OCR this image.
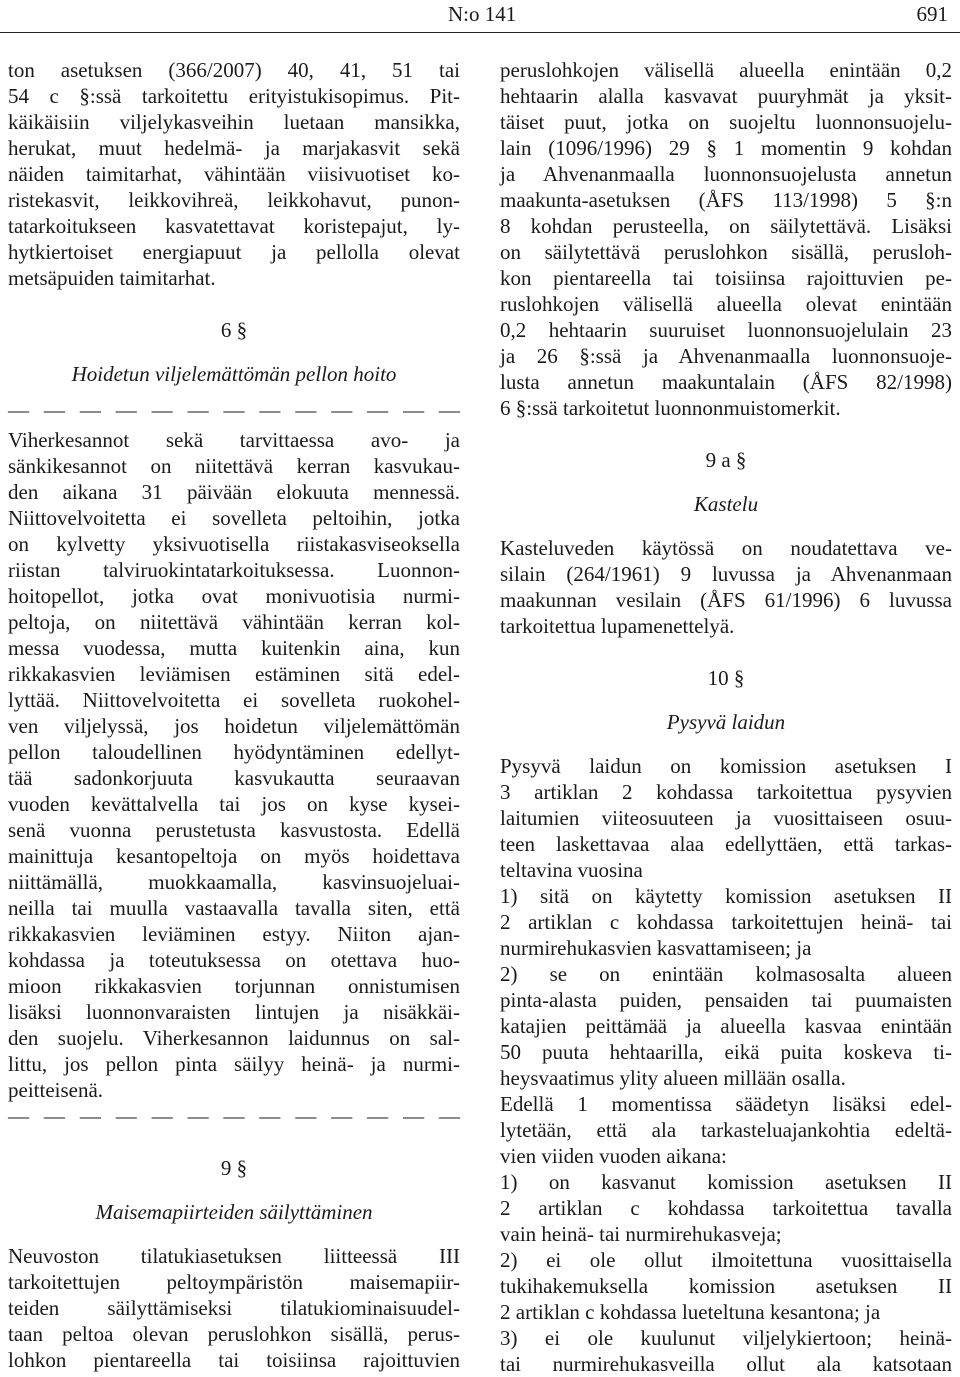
N:o 141	691
ton asetuksen (366/2007) 40, 41, 51 tai
54 c §:ssä tarkoitettu erityistukisopimus. Pit-
käikäisiin viljelykasveihin luetaan mansikka,
herukat, muut hedelmä- ja marjakasvit sekä
näiden taimitarhat, vähintään viisivuotiset ko-
ristekasvit, leikkovihreä, leikkohavut, punon-
tatarkoitukseen kasvatettavat koristepajut, ly-
hytkiertoiset energiapuut ja pellolla olevat
metsäpuiden taimitarhat.
6 §
Hoidetun viljelemättömän pellon hoito
— — — — — — — — — — — — —
Viherkesannot sekä tarvittaessa avo- ja
sänkikesannot on niitettävä kerran kasvukau-
den aikana 31 päivään elokuuta mennessä.
Niittovelvoitetta ei sovelleta peltoihin, jotka
on kylvetty yksivuotisella riistakasviseoksella
riistan talviruokintatarkoituksessa. Luonnon-
hoitopellot, jotka ovat monivuotisia nurmi-
peltoja, on niitettävä vähintään kerran kol-
messa vuodessa, mutta kuitenkin aina, kun
rikkakasvien leviämisen estäminen sitä edel-
lyttää. Niittovelvoitetta ei sovelleta ruokohel-
ven viljelyssä, jos hoidetun viljelemättömän
pellon taloudellinen hyödyntäminen edellyt-
tää sadonkorjuuta kasvukautta seuraavan
vuoden kevättalvella tai jos on kyse kysei-
senä vuonna perustetusta kasvustosta. Edellä
mainittuja kesantopeltoja on myös hoidettava
niittämällä, muokkaamalla, kasvinsuojeluai-
neilla tai muulla vastaavalla tavalla siten, että
rikkakasvien leviäminen estyy. Niiton ajan-
kohdassa ja toteutuksessa on otettava huo-
mioon rikkakasvien torjunnan onnistumisen
lisäksi luonnonvaraisten lintujen ja nisäkkäi-
den suojelu. Viherkesannon laidunnus on sal-
littu, jos pellon pinta säilyy heinä- ja nurmi-
peitteisenä.
— — — — — — — — — — — — —
9 §
Maisemapiirteiden säilyttäminen
Neuvoston tilatukiasetuksen liitteessä III
tarkoitettujen peltoympäristön maisemapiir-
teiden säilyttämiseksi tilatukiominaisuudel-
taan peltoa olevan peruslohkon sisällä, perus-
lohkon pientareella tai toisiinsa rajoittuvien
peruslohkojen välisellä alueella enintään 0,2
hehtaarin alalla kasvavat puuryhmät ja yksit-
täiset puut, jotka on suojeltu luonnonsuojelu-
lain (1096/1996) 29 § 1 momentin 9 kohdan
ja Ahvenanmaalla luonnonsuojelusta annetun
maakunta-asetuksen (ÅFS 113/1998) 5 §:n
8 kohdan perusteella, on säilytettävä. Lisäksi
on säilytettävä peruslohkon sisällä, perusloh-
kon pientareella tai toisiinsa rajoittuvien pe-
ruslohkojen välisellä alueella olevat enintään
0,2 hehtaarin suuruiset luonnonsuojelulain 23
ja 26 §:ssä ja Ahvenanmaalla luonnonsuoje-
lusta annetun maakuntalain (ÅFS 82/1998)
6 §:ssä tarkoitetut luonnonmuistomerkit.
9 a §
Kastelu
Kasteluveden käytössä on noudatettava ve-
silain (264/1961) 9 luvussa ja Ahvenanmaan
maakunnan vesilain (ÅFS 61/1996) 6 luvussa
tarkoitettua lupamenettelyä.
10 §
Pysyvä laidun
Pysyvä laidun on komission asetuksen I
3 artiklan 2 kohdassa tarkoitettua pysyvien
laitumien viiteosuuteen ja vuosittaiseen osuu-
teen laskettavaa alaa edellyttäen, että tarkas-
teltavina vuosina
1) sitä on käytetty komission asetuksen II
2 artiklan c kohdassa tarkoitettujen heinä- tai
nurmirehukasvien kasvattamiseen; ja
2) se on enintään kolmasosalta alueen
pinta-alasta puiden, pensaiden tai puumaisten
katajien peittämää ja alueella kasvaa enintään
50 puuta hehtaarilla, eikä puita koskeva ti-
heysvaatimus ylity alueen millään osalla.
Edellä 1 momentissa säädetyn lisäksi edel-
lytetään, että ala tarkasteluajankohtia edeltä-
vien viiden vuoden aikana:
1) on kasvanut komission asetuksen II
2 artiklan c kohdassa tarkoitettua tavalla
vain heinä- tai nurmirehukasveja;
2) ei ole ollut ilmoitettuna vuosittaisella
tukihakemuksella komission asetuksen II
2 artiklan c kohdassa lueteltuna kesantona; ja
3) ei ole kuulunut viljelykiertoon; heinä-
tai nurmirehukasveilla ollut ala katsotaan
